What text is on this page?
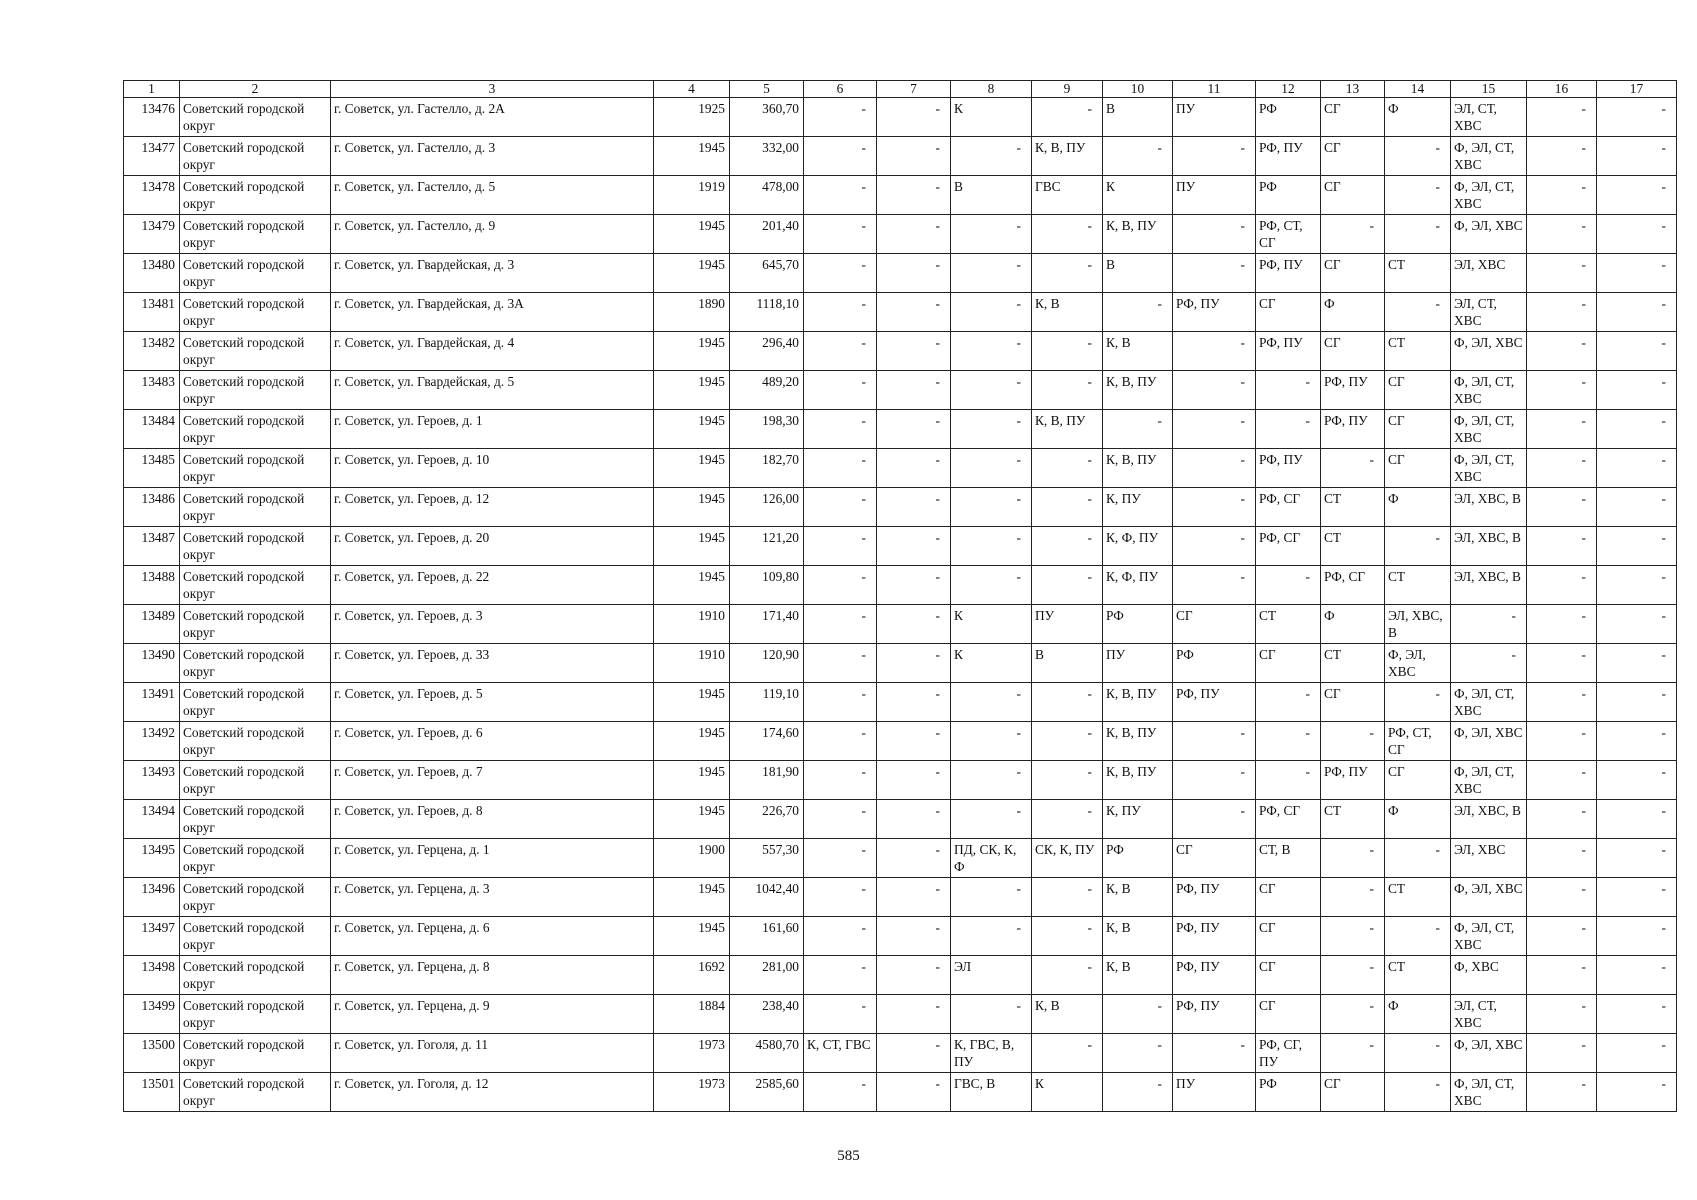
1	2	3	4	5	6	7	8	9	10	11	12	13	14	15	16	17
13476	Советский городской округ	г. Советск, ул. Гастелло, д. 2А	1925	360,70	-	-	К	-	В	ПУ	РФ	СГ	Ф	ЭЛ, СТ, ХВС	-	-
13477	Советский городской округ	г. Советск, ул. Гастелло, д. 3	1945	332,00	-	-	-	К, В, ПУ	-	-	РФ, ПУ	СГ	-	Ф, ЭЛ, СТ, ХВС	-	-
13478	Советский городской округ	г. Советск, ул. Гастелло, д. 5	1919	478,00	-	-	В	ГВС	К	ПУ	РФ	СГ	-	Ф, ЭЛ, СТ, ХВС	-	-
13479	Советский городской округ	г. Советск, ул. Гастелло, д. 9	1945	201,40	-	-	-	-	К, В, ПУ	-	РФ, СТ, СГ	-	-	Ф, ЭЛ, ХВС	-	-
13480	Советский городской округ	г. Советск, ул. Гвардейская, д. 3	1945	645,70	-	-	-	-	В	-	РФ, ПУ	СГ	СТ	ЭЛ, ХВС	-	-
13481	Советский городской округ	г. Советск, ул. Гвардейская, д. 3А	1890	1118,10	-	-	-	К, В	-	РФ, ПУ	СГ	Ф	-	ЭЛ, СТ, ХВС	-	-
13482	Советский городской округ	г. Советск, ул. Гвардейская, д. 4	1945	296,40	-	-	-	-	К, В	-	РФ, ПУ	СГ	СТ	Ф, ЭЛ, ХВС	-	-
13483	Советский городской округ	г. Советск, ул. Гвардейская, д. 5	1945	489,20	-	-	-	-	К, В, ПУ	-	-	РФ, ПУ	СГ	Ф, ЭЛ, СТ, ХВС	-	-
13484	Советский городской округ	г. Советск, ул. Героев, д. 1	1945	198,30	-	-	-	К, В, ПУ	-	-	-	РФ, ПУ	СГ	Ф, ЭЛ, СТ, ХВС	-	-
13485	Советский городской округ	г. Советск, ул. Героев, д. 10	1945	182,70	-	-	-	-	К, В, ПУ	-	РФ, ПУ	-	СГ	Ф, ЭЛ, СТ, ХВС	-	-
13486	Советский городской округ	г. Советск, ул. Героев, д. 12	1945	126,00	-	-	-	-	К, ПУ	-	РФ, СГ	СТ	Ф	ЭЛ, ХВС, В	-	-
13487	Советский городской округ	г. Советск, ул. Героев, д. 20	1945	121,20	-	-	-	-	К, Ф, ПУ	-	РФ, СГ	СТ	-	ЭЛ, ХВС, В	-	-
13488	Советский городской округ	г. Советск, ул. Героев, д. 22	1945	109,80	-	-	-	-	К, Ф, ПУ	-	-	РФ, СГ	СТ	ЭЛ, ХВС, В	-	-
13489	Советский городской округ	г. Советск, ул. Героев, д. 3	1910	171,40	-	-	К	ПУ	РФ	СГ	СТ	Ф	ЭЛ, ХВС, В	-	-	-
13490	Советский городской округ	г. Советск, ул. Героев, д. 33	1910	120,90	-	-	К	В	ПУ	РФ	СГ	СТ	Ф, ЭЛ, ХВС	-	-	-
13491	Советский городской округ	г. Советск, ул. Героев, д. 5	1945	119,10	-	-	-	-	К, В, ПУ	РФ, ПУ	-	СГ	-	Ф, ЭЛ, СТ, ХВС	-	-
13492	Советский городской округ	г. Советск, ул. Героев, д. 6	1945	174,60	-	-	-	-	К, В, ПУ	-	-	-	РФ, СТ, СГ	Ф, ЭЛ, ХВС	-	-
13493	Советский городской округ	г. Советск, ул. Героев, д. 7	1945	181,90	-	-	-	-	К, В, ПУ	-	-	РФ, ПУ	СГ	Ф, ЭЛ, СТ, ХВС	-	-
13494	Советский городской округ	г. Советск, ул. Героев, д. 8	1945	226,70	-	-	-	-	К, ПУ	-	РФ, СГ	СТ	Ф	ЭЛ, ХВС, В	-	-
13495	Советский городской округ	г. Советск, ул. Герцена, д. 1	1900	557,30	-	-	ПД, СК, К, Ф	СК, К, ПУ	РФ	СГ	СТ, В	-	-	ЭЛ, ХВС	-	-
13496	Советский городской округ	г. Советск, ул. Герцена, д. 3	1945	1042,40	-	-	-	-	К, В	РФ, ПУ	СГ	-	СТ	Ф, ЭЛ, ХВС	-	-
13497	Советский городской округ	г. Советск, ул. Герцена, д. 6	1945	161,60	-	-	-	-	К, В	РФ, ПУ	СГ	-	-	Ф, ЭЛ, СТ, ХВС	-	-
13498	Советский городской округ	г. Советск, ул. Герцена, д. 8	1692	281,00	-	-	ЭЛ	-	К, В	РФ, ПУ	СГ	-	СТ	Ф, ХВС	-	-
13499	Советский городской округ	г. Советск, ул. Герцена, д. 9	1884	238,40	-	-	-	К, В	-	РФ, ПУ	СГ	-	Ф	ЭЛ, СТ, ХВС	-	-
13500	Советский городской округ	г. Советск, ул. Гоголя, д. 11	1973	4580,70	К, СТ, ГВС	-	К, ГВС, В, ПУ	-	-	-	РФ, СГ, ПУ	-	-	Ф, ЭЛ, ХВС	-	-
13501	Советский городской округ	г. Советск, ул. Гоголя, д. 12	1973	2585,60	-	-	ГВС, В	К	-	ПУ	РФ	СГ	-	Ф, ЭЛ, СТ, ХВС	-	-
585
